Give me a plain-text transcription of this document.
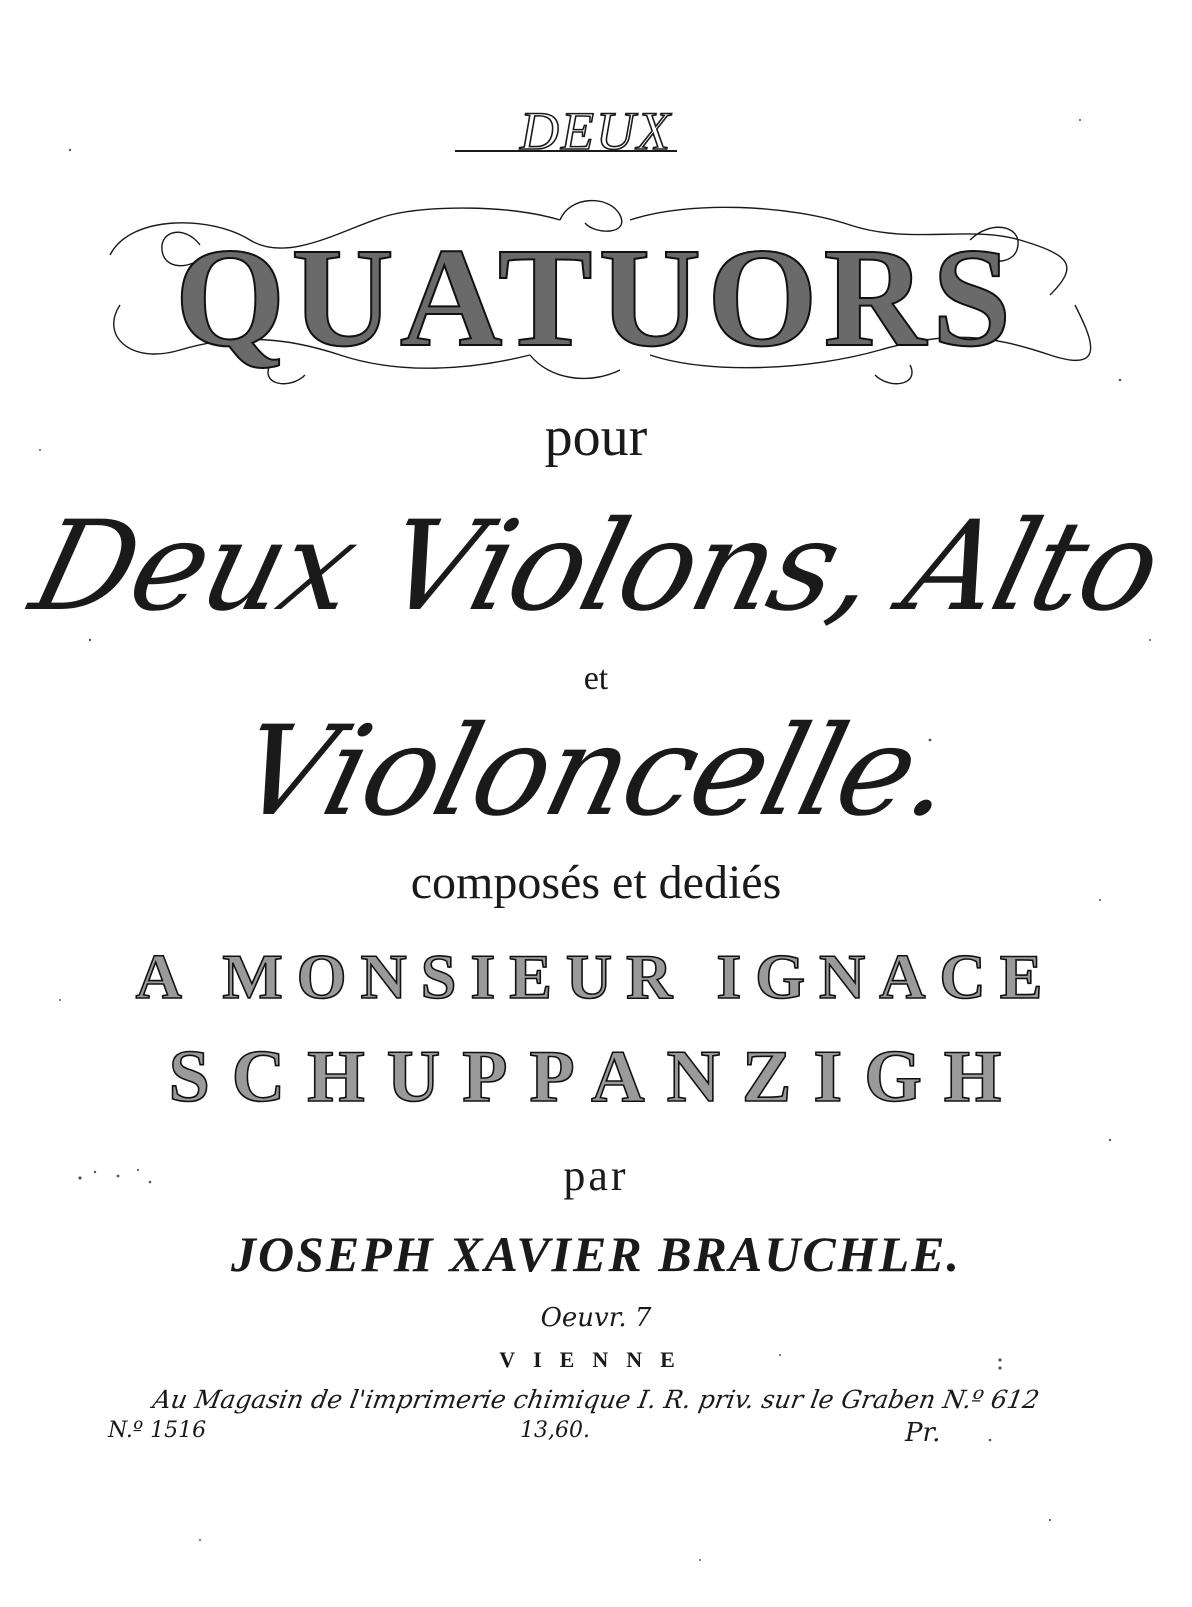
DEUX
QUATUORS
pour
Deux Violons, Alto
et
Violoncelle.
composés et dediés
A MONSIEUR IGNACE
SCHUPPANZIGH
par
JOSEPH XAVIER BRAUCHLE.
Oeuvr. 7
VIENNE
Au Magasin de l'imprimerie chimique I. R. priv. sur le Graben N.º 612
N.º 1516	13,60.	Pr.
